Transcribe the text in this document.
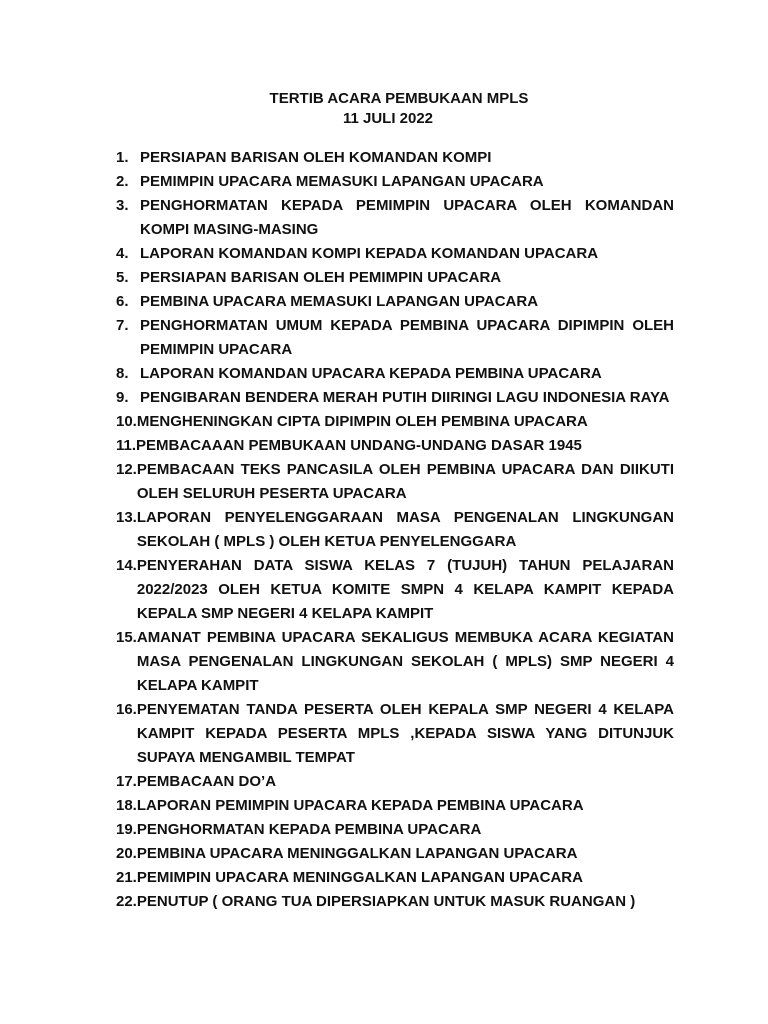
TERTIB ACARA PEMBUKAAN MPLS
11 JULI 2022
1. PERSIAPAN BARISAN OLEH KOMANDAN KOMPI
2. PEMIMPIN UPACARA MEMASUKI LAPANGAN UPACARA
3. PENGHORMATAN KEPADA PEMIMPIN UPACARA OLEH KOMANDAN KOMPI MASING-MASING
4. LAPORAN KOMANDAN KOMPI KEPADA KOMANDAN UPACARA
5. PERSIAPAN BARISAN OLEH PEMIMPIN UPACARA
6. PEMBINA UPACARA MEMASUKI LAPANGAN UPACARA
7. PENGHORMATAN UMUM KEPADA PEMBINA UPACARA DIPIMPIN OLEH PEMIMPIN UPACARA
8. LAPORAN KOMANDAN UPACARA KEPADA PEMBINA UPACARA
9. PENGIBARAN BENDERA MERAH PUTIH DIIRINGI LAGU INDONESIA RAYA
10. MENGHENINGKAN CIPTA DIPIMPIN OLEH PEMBINA UPACARA
11. PEMBACAAAN PEMBUKAAN UNDANG-UNDANG DASAR 1945
12. PEMBACAAN TEKS PANCASILA OLEH PEMBINA UPACARA DAN DIIKUTI OLEH SELURUH PESERTA UPACARA
13. LAPORAN PENYELENGGARAAN MASA PENGENALAN LINGKUNGAN SEKOLAH ( MPLS ) OLEH KETUA PENYELENGGARA
14. PENYERAHAN DATA SISWA KELAS 7 (TUJUH) TAHUN PELAJARAN 2022/2023 OLEH KETUA KOMITE SMPN 4 KELAPA KAMPIT KEPADA KEPALA SMP NEGERI 4 KELAPA KAMPIT
15. AMANAT PEMBINA UPACARA SEKALIGUS MEMBUKA ACARA KEGIATAN MASA PENGENALAN LINGKUNGAN SEKOLAH ( MPLS) SMP NEGERI 4 KELAPA KAMPIT
16. PENYEMATAN TANDA PESERTA OLEH KEPALA SMP NEGERI 4 KELAPA KAMPIT KEPADA PESERTA MPLS ,KEPADA SISWA YANG DITUNJUK SUPAYA MENGAMBIL TEMPAT
17. PEMBACAAN DO’A
18. LAPORAN PEMIMPIN UPACARA KEPADA PEMBINA UPACARA
19. PENGHORMATAN KEPADA PEMBINA UPACARA
20. PEMBINA UPACARA MENINGGALKAN LAPANGAN UPACARA
21. PEMIMPIN UPACARA MENINGGALKAN LAPANGAN UPACARA
22. PENUTUP ( ORANG TUA DIPERSIAPKAN UNTUK MASUK RUANGAN )
